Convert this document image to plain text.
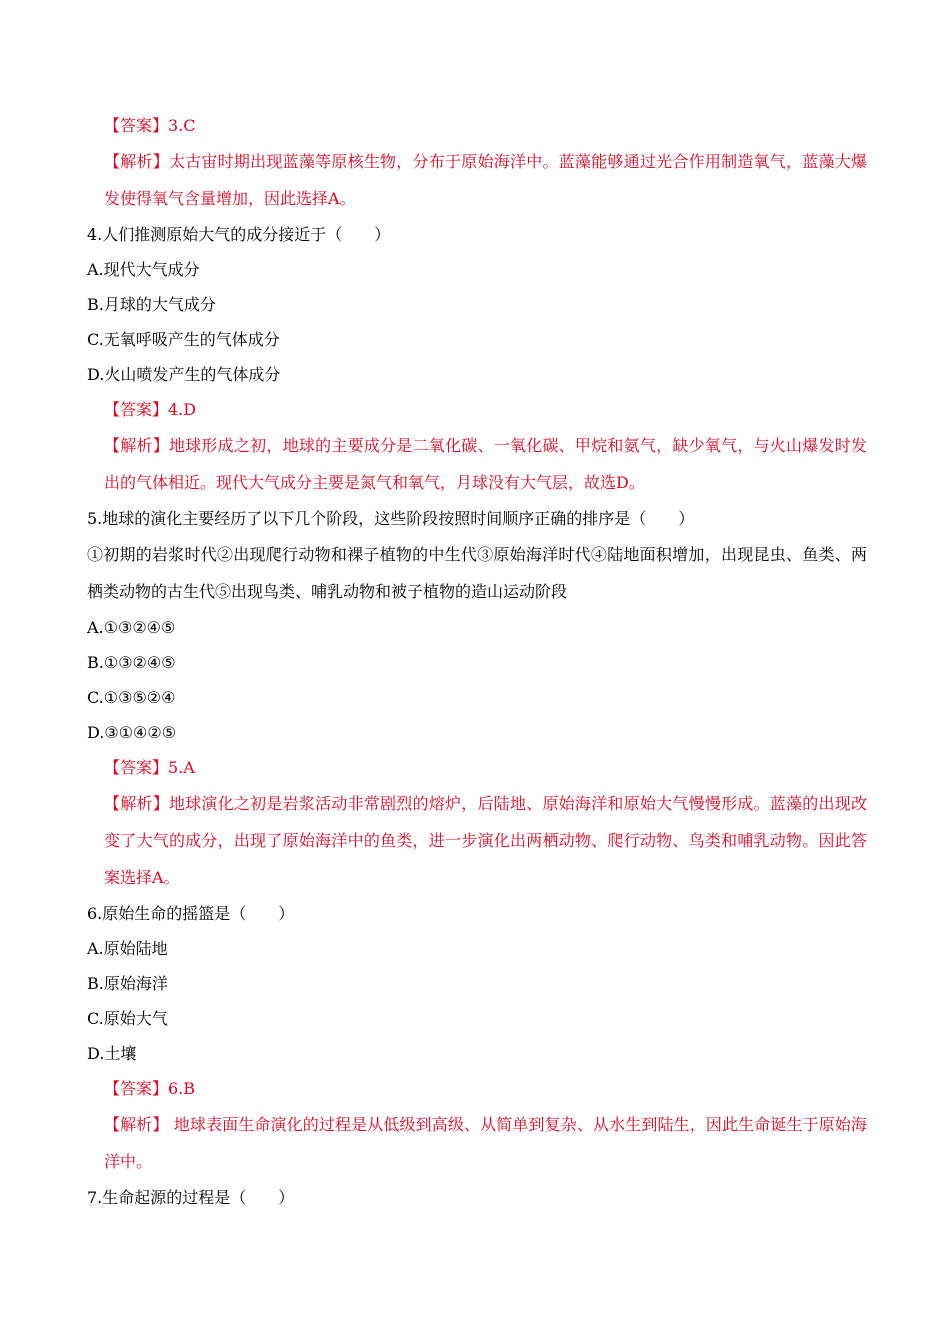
【答案】3.C

【解析】太古宙时期出现蓝藻等原核生物，分布于原始海洋中。蓝藻能够通过光合作用制造氧气，蓝藻大爆发使得氧气含量增加，因此选择A。

4.人们推测原始大气的成分接近于（　　）

A.现代大气成分

B.月球的大气成分

C.无氧呼吸产生的气体成分

D.火山喷发产生的气体成分

【答案】4.D

【解析】地球形成之初，地球的主要成分是二氧化碳、一氧化碳、甲烷和氨气，缺少氧气，与火山爆发时发出的气体相近。现代大气成分主要是氮气和氧气，月球没有大气层，故选D。

5.地球的演化主要经历了以下几个阶段，这些阶段按照时间顺序正确的排序是（　　）

①初期的岩浆时代②出现爬行动物和裸子植物的中生代③原始海洋时代④陆地面积增加，出现昆虫、鱼类、两栖类动物的古生代⑤出现鸟类、哺乳动物和被子植物的造山运动阶段

A.①③②④⑤

B.①③②④⑤

C.①③⑤②④

D.③①④②⑤

【答案】5.A

【解析】地球演化之初是岩浆活动非常剧烈的熔炉，后陆地、原始海洋和原始大气慢慢形成。蓝藻的出现改变了大气的成分，出现了原始海洋中的鱼类，进一步演化出两栖动物、爬行动物、鸟类和哺乳动物。因此答案选择A。

6.原始生命的摇篮是（　　）

A.原始陆地

B.原始海洋

C.原始大气

D.土壤

【答案】6.B

【解析】 地球表面生命演化的过程是从低级到高级、从简单到复杂、从水生到陆生，因此生命诞生于原始海洋中。

7.生命起源的过程是（　　）
